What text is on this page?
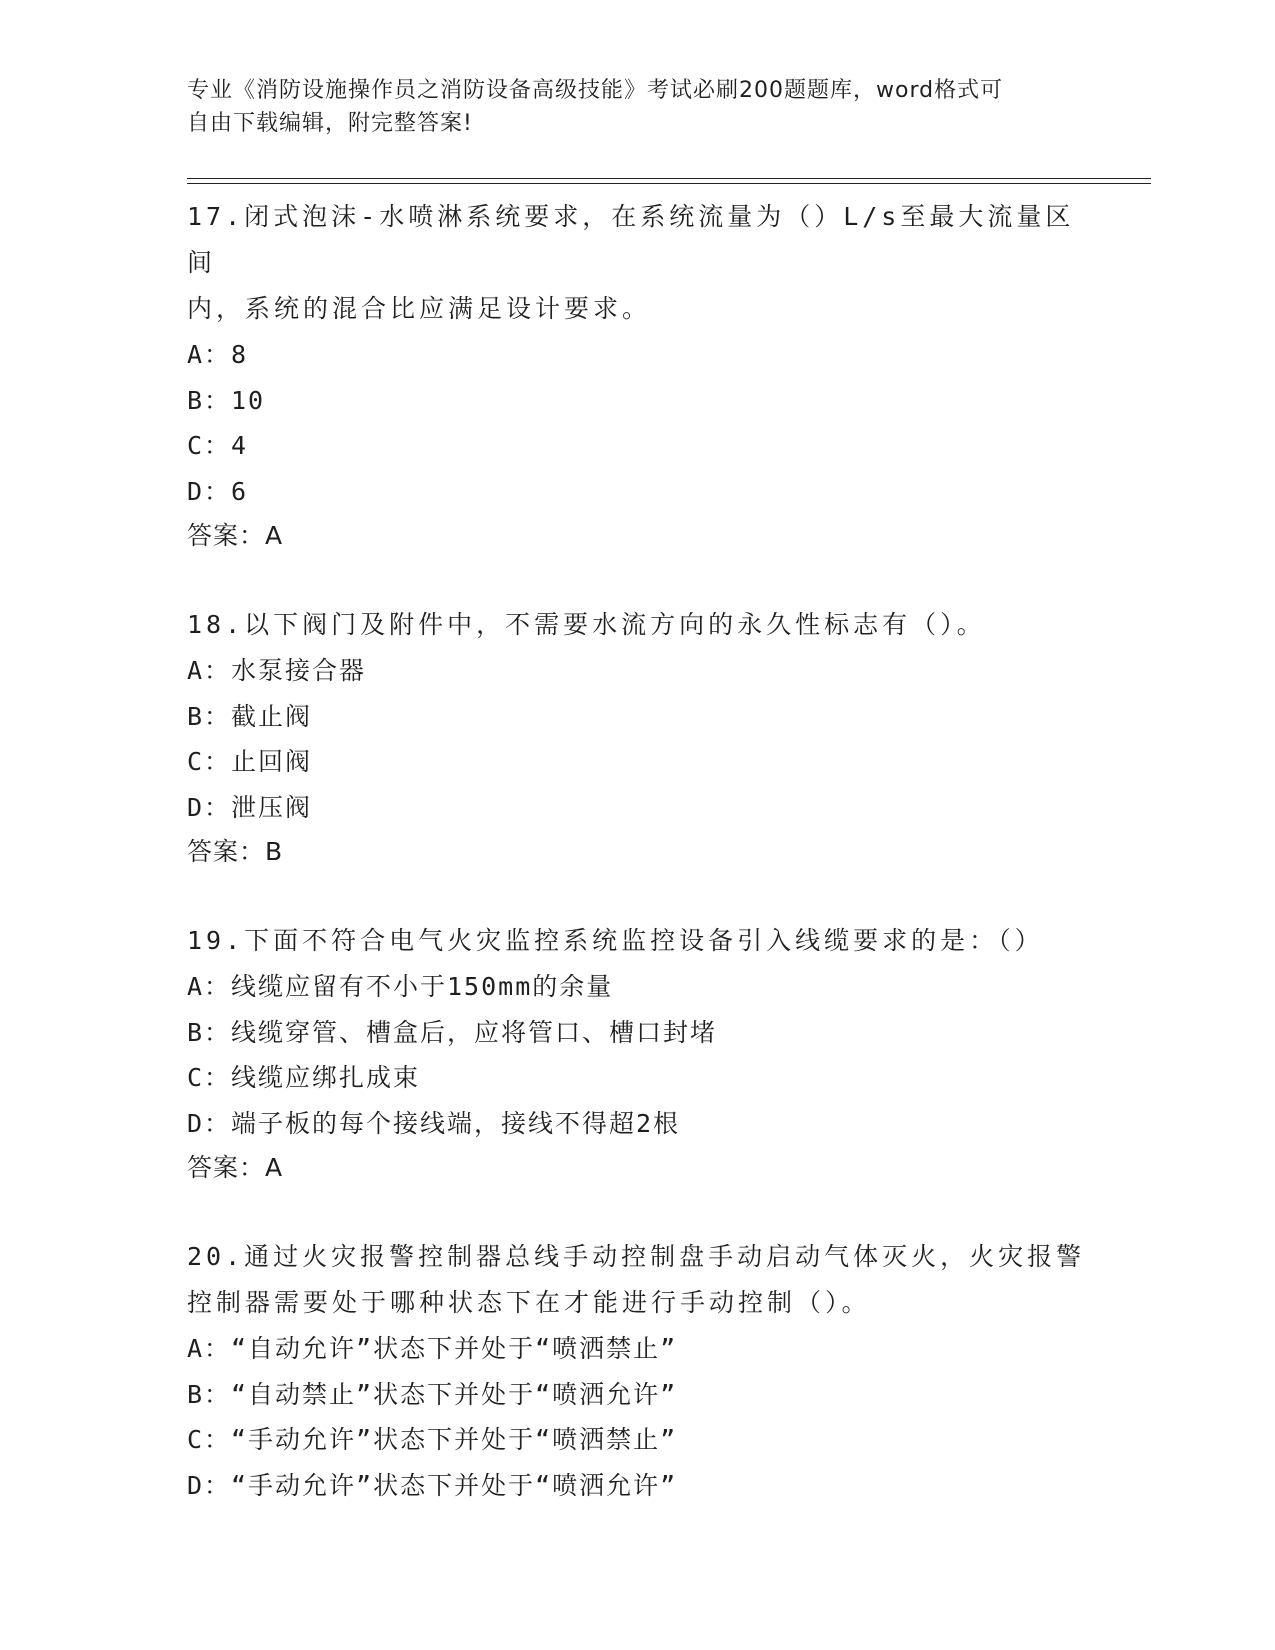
专业《消防设施操作员之消防设备高级技能》考试必刷200题题库，word格式可
自由下载编辑，附完整答案!
17.闭式泡沫-水喷淋系统要求，在系统流量为（）L/s至最大流量区间
内，系统的混合比应满足设计要求。
A：8
B：10
C：4
D：6
答案：A
18.以下阀门及附件中，不需要水流方向的永久性标志有（）。
A：水泵接合器
B：截止阀
C：止回阀
D：泄压阀
答案：B
19.下面不符合电气火灾监控系统监控设备引入线缆要求的是：（）
A：线缆应留有不小于150mm的余量
B：线缆穿管、槽盒后，应将管口、槽口封堵
C：线缆应绑扎成束
D：端子板的每个接线端，接线不得超2根
答案：A
20.通过火灾报警控制器总线手动控制盘手动启动气体灭火，火灾报警
控制器需要处于哪种状态下在才能进行手动控制（）。
A：“自动允许”状态下并处于“喷洒禁止”
B：“自动禁止”状态下并处于“喷洒允许”
C：“手动允许”状态下并处于“喷洒禁止”
D：“手动允许”状态下并处于“喷洒允许”
